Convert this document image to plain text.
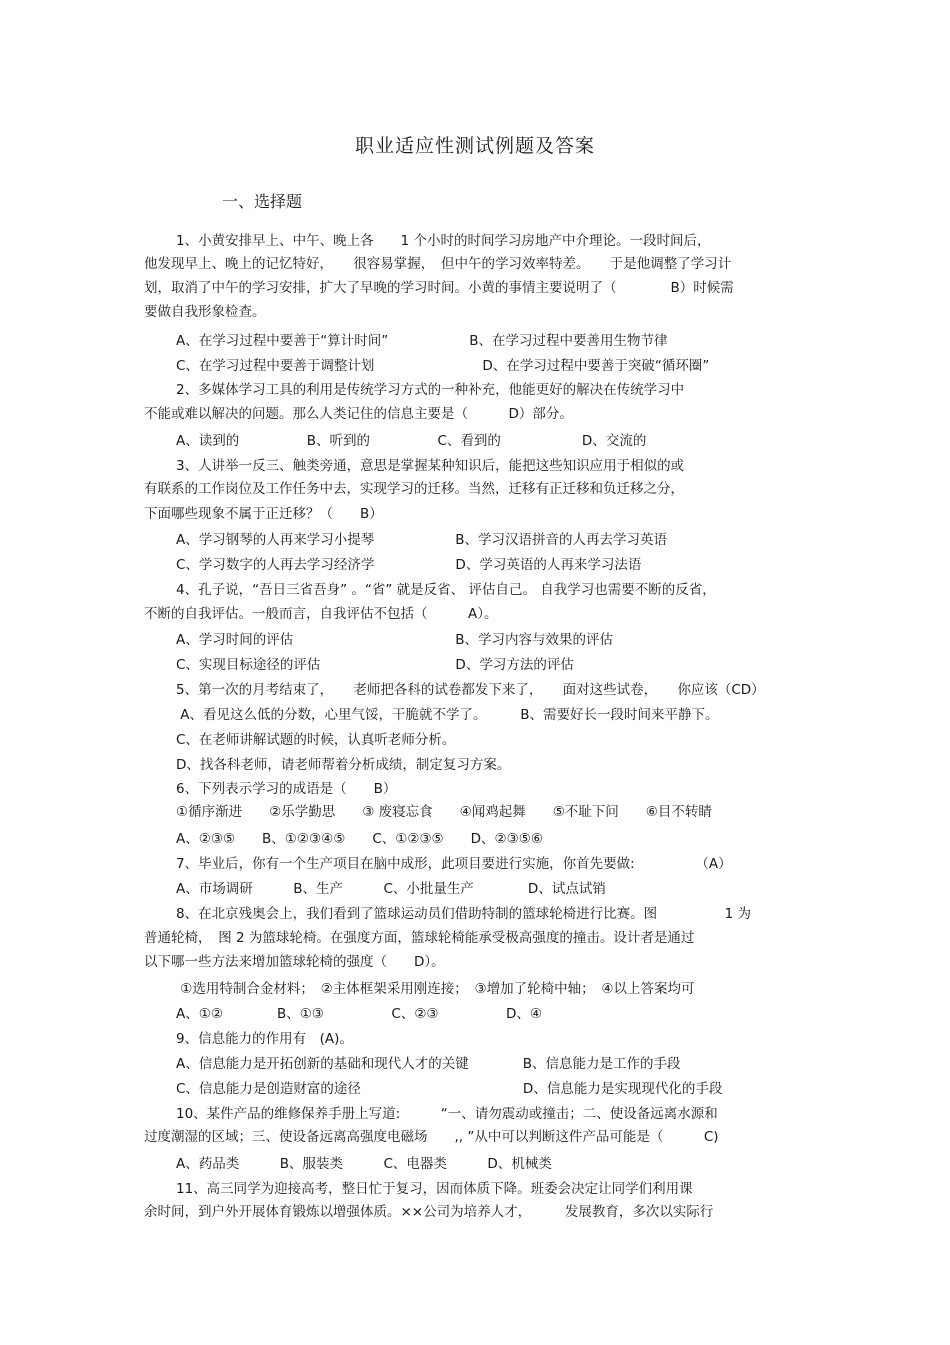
职业适应性测试例题及答案
一、选择题
1、小黄安排早上、中午、晚上各　　1 个小时的时间学习房地产中介理论。一段时间后，
他发现早上、晚上的记忆特好，　　很容易掌握，　但中午的学习效率特差。　　于是他调整了学习计
划，取消了中午的学习安排，扩大了早晚的学习时间。小黄的事情主要说明了（　　　　B）时候需
要做自我形象检查。
A、在学习过程中要善于“算计时间”　　　　　　B、在学习过程中要善用生物节律
C、在学习过程中要善于调整计划　　　　　　　　D、在学习过程中要善于突破“循环圈”
2、多媒体学习工具的利用是传统学习方式的一种补充，他能更好的解决在传统学习中
不能或难以解决的问题。那么人类记住的信息主要是（　　　D）部分。
A、读到的　　　　　B、听到的　　　　　C、看到的　　　　　　D、交流的
3、人讲举一反三、触类旁通，意思是掌握某种知识后，能把这些知识应用于相似的或
有联系的工作岗位及工作任务中去，实现学习的迁移。当然，迁移有正迁移和负迁移之分，
下面哪些现象不属于正迁移？（　　B）
A、学习钢琴的人再来学习小提琴　　　　　　B、学习汉语拼音的人再去学习英语
C、学习数字的人再去学习经济学　　　　　　D、学习英语的人再来学习法语
4、孔子说，“吾日三省吾身” 。“省” 就是反省、 评估自己。 自我学习也需要不断的反省，
不断的自我评估。一般而言，自我评估不包括（　　　A）。
A、学习时间的评估　　　　　　　　　　　　B、学习内容与效果的评估
C、实现目标途径的评估　　　　　　　　　　D、学习方法的评估
5、第一次的月考结束了，　　老师把各科的试卷都发下来了，　　面对这些试卷，　　你应该（CD）
A、看见这么低的分数，心里气馁，干脆就不学了。　　　B、需要好长一段时间来平静下。
C、在老师讲解试题的时候，认真听老师分析。
D、找各科老师，请老师帮着分析成绩，制定复习方案。
6、下列表示学习的成语是（　　B）
①循序渐进　　②乐学勤思　　③ 废寝忘食　　④闻鸡起舞　　⑤不耻下问　　⑥目不转睛
A、②③⑤　　B、①②③④⑤　　C、①②③⑤　　D、②③⑤⑥
7、毕业后，你有一个生产项目在脑中成形，此项目要进行实施，你首先要做:　　　　　（A）
A、市场调研　　　B、生产　　　C、小批量生产　　　　D、试点试销
8、在北京残奥会上，我们看到了篮球运动员们借助特制的篮球轮椅进行比赛。图　　　　　1 为
普通轮椅，　图 2 为篮球轮椅。在强度方面，篮球轮椅能承受极高强度的撞击。设计者是通过
以下哪一些方法来增加篮球轮椅的强度（　　D）。
①选用特制合金材料；　②主体框架采用刚连接；　③增加了轮椅中轴；　④以上答案均可
A、①②　　　　B、①③　　　　　C、②③　　　　　D、④
9、信息能力的作用有　(A)。
A、信息能力是开拓创新的基础和现代人才的关键　　　　B、信息能力是工作的手段
C、信息能力是创造财富的途径　　　　　　　　　　　　D、信息能力是实现现代化的手段
10、某件产品的维修保养手册上写道:　　　“一、请勿震动或撞击；二、使设备远离水源和
过度潮湿的区域；三、使设备远离高强度电磁场　　,, ”从中可以判断这件产品可能是（　　　C)
A、药品类　　　B、服装类　　　C、电器类　　　D、机械类
11、高三同学为迎接高考，整日忙于复习，因而体质下降。班委会决定让同学们利用课
余时间，到户外开展体育锻炼以增强体质。××公司为培养人才，　　　发展教育，多次以实际行
